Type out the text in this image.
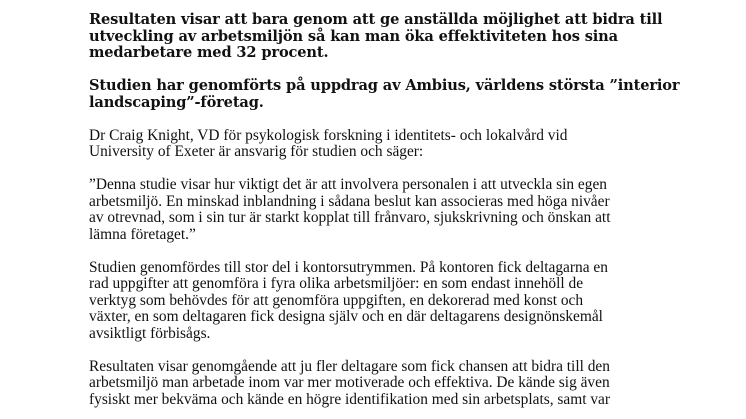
Resultaten visar att bara genom att ge anställda möjlighet att bidra till
utveckling av arbetsmiljön så kan man öka effektiviteten hos sina
medarbetare med 32 procent.

Studien har genomförts på uppdrag av Ambius, världens största ”interior
landscaping”-företag.

Dr Craig Knight, VD för psykologisk forskning i identitets- och lokalvård vid
University of Exeter är ansvarig för studien och säger:

”Denna studie visar hur viktigt det är att involvera personalen i att utveckla sin egen
arbetsmiljö. En minskad inblandning i sådana beslut kan associeras med höga nivåer
av otrevnad, som i sin tur är starkt kopplat till frånvaro, sjukskrivning och önskan att
lämna företaget.”

Studien genomfördes till stor del i kontorsutrymmen. På kontoren fick deltagarna en
rad uppgifter att genomföra i fyra olika arbetsmiljöer: en som endast innehöll de
verktyg som behövdes för att genomföra uppgiften, en dekorerad med konst och
växter, en som deltagaren fick designa själv och en där deltagarens designönskemål
avsiktligt förbisågs.

Resultaten visar genomgående att ju fler deltagare som fick chansen att bidra till den
arbetsmiljö man arbetade inom var mer motiverade och effektiva. De kände sig även
fysiskt mer bekväma och kände en högre identifikation med sin arbetsplats, samt var
